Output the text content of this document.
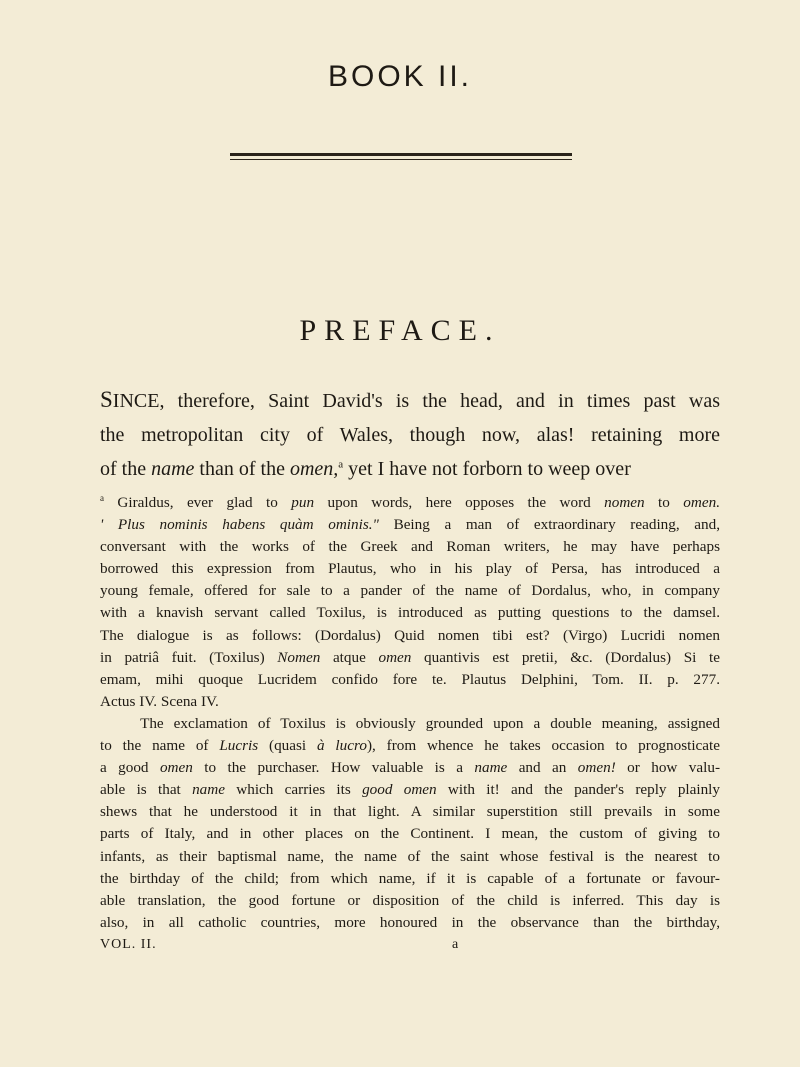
BOOK II.
PREFACE.

SINCE, therefore, Saint David's is the head, and in times past was
the metropolitan city of Wales, though now, alas! retaining more
of the name than of the omen,$^a$ yet I have not forborn to weep over

$^a$ Giraldus, ever glad to pun upon words, here opposes the word nomen to omen.
' Plus nominis habens quàm ominis." Being a man of extraordinary reading, and,
conversant with the works of the Greek and Roman writers, he may have perhaps
borrowed this expression from Plautus, who in his play of Persa, has introduced a
young female, offered for sale to a pander of the name of Dordalus, who, in company
with a knavish servant called Toxilus, is introduced as putting questions to the damsel.
The dialogue is as follows: (Dordalus) Quid nomen tibi est? (Virgo) Lucridi nomen
in patriâ fuit. (Toxilus) Nomen atque omen quantivis est pretii, &c. (Dordalus) Si te
emam, mihi quoque Lucridem confido fore te. Plautus Delphini, Tom. II. p. 277.
Actus IV. Scena IV.
The exclamation of Toxilus is obviously grounded upon a double meaning, assigned
to the name of Lucris (quasi à lucro), from whence he takes occasion to prognosticate
a good omen to the purchaser. How valuable is a name and an omen! or how valu-
able is that name which carries its good omen with it! and the pander's reply plainly
shews that he understood it in that light. A similar superstition still prevails in some
parts of Italy, and in other places on the Continent. I mean, the custom of giving to
infants, as their baptismal name, the name of the saint whose festival is the nearest to
the birthday of the child; from which name, if it is capable of a fortunate or favour-
able translation, the good fortune or disposition of the child is inferred. This day is
also, in all catholic countries, more honoured in the observance than the birthday,
VOL. II.	a
